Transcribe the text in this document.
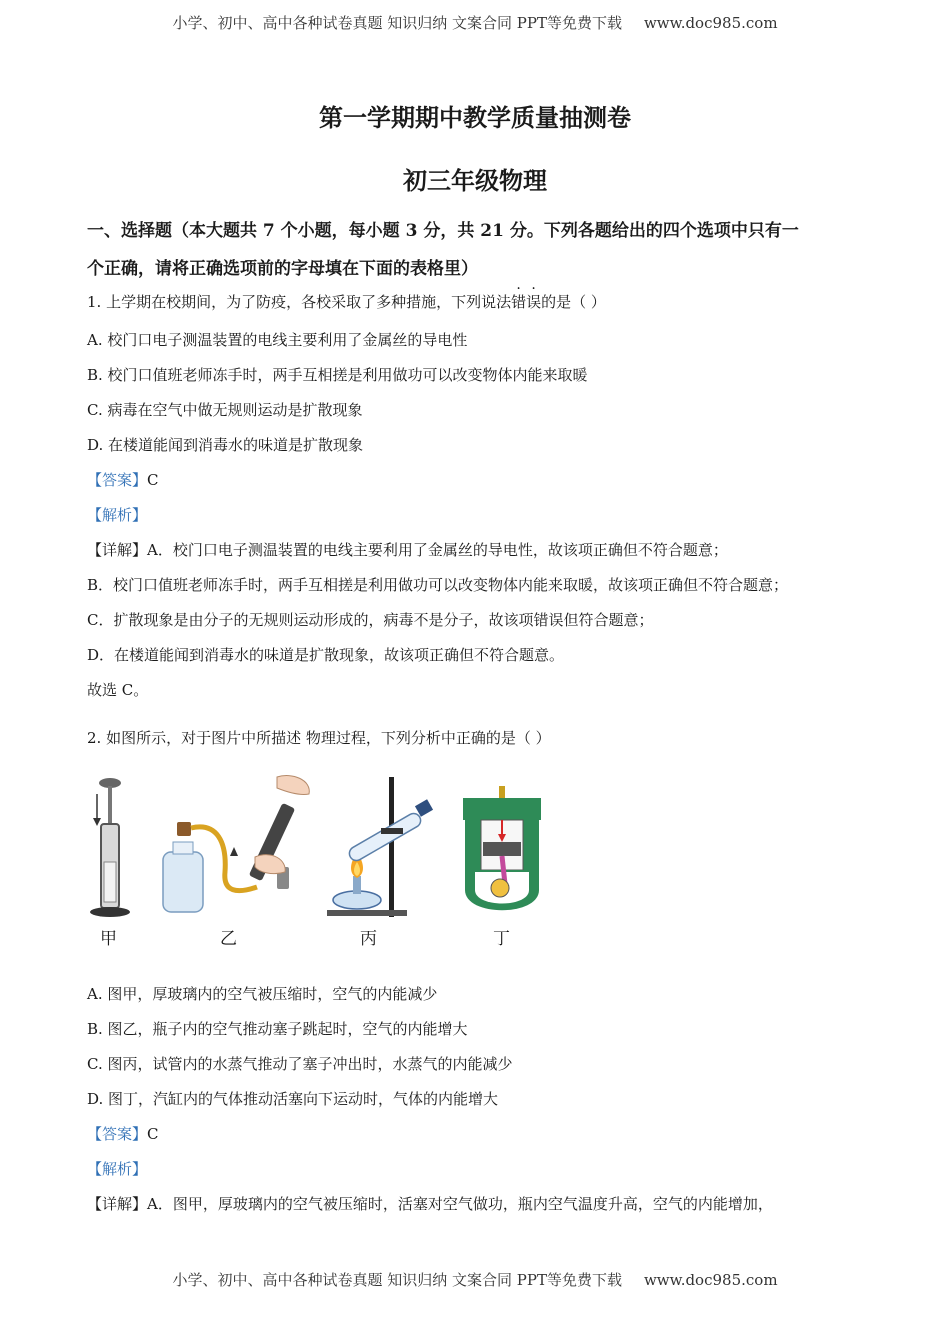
小学、初中、高中各种试卷真题 知识归纳 文案合同 PPT等免费下载 www.doc985.com
第一学期期中教学质量抽测卷
初三年级物理
一、选择题（本大题共 7 个小题，每小题 3 分，共 21 分。下列各题给出的四个选项中只有一
个正确，请将正确选项前的字母填在下面的表格里）
1. 上学期在校期间，为了防疫，各校采取了多种措施，下列说法错误的是（ ）
A. 校门口电子测温装置的电线主要利用了金属丝的导电性
B. 校门口值班老师冻手时，两手互相搓是利用做功可以改变物体内能来取暖
C. 病毒在空气中做无规则运动是扩散现象
D. 在楼道能闻到消毒水的味道是扩散现象
【答案】C
【解析】
【详解】A．校门口电子测温装置的电线主要利用了金属丝的导电性，故该项正确但不符合题意；
B．校门口值班老师冻手时，两手互相搓是利用做功可以改变物体内能来取暖，故该项正确但不符合题意；
C．扩散现象是由分子的无规则运动形成的，病毒不是分子，故该项错误但符合题意；
D．在楼道能闻到消毒水的味道是扩散现象，故该项正确但不符合题意。
故选 C。
2. 如图所示，对于图片中所描述 物理过程，下列分析中正确的是（ ）
甲	乙	丙	丁
A. 图甲，厚玻璃内的空气被压缩时，空气的内能减少
B. 图乙，瓶子内的空气推动塞子跳起时，空气的内能增大
C. 图丙，试管内的水蒸气推动了塞子冲出时，水蒸气的内能减少
D. 图丁，汽缸内的气体推动活塞向下运动时，气体的内能增大
【答案】C
【解析】
【详解】A．图甲，厚玻璃内的空气被压缩时，活塞对空气做功，瓶内空气温度升高，空气的内能增加，
小学、初中、高中各种试卷真题 知识归纳 文案合同 PPT等免费下载 www.doc985.com
